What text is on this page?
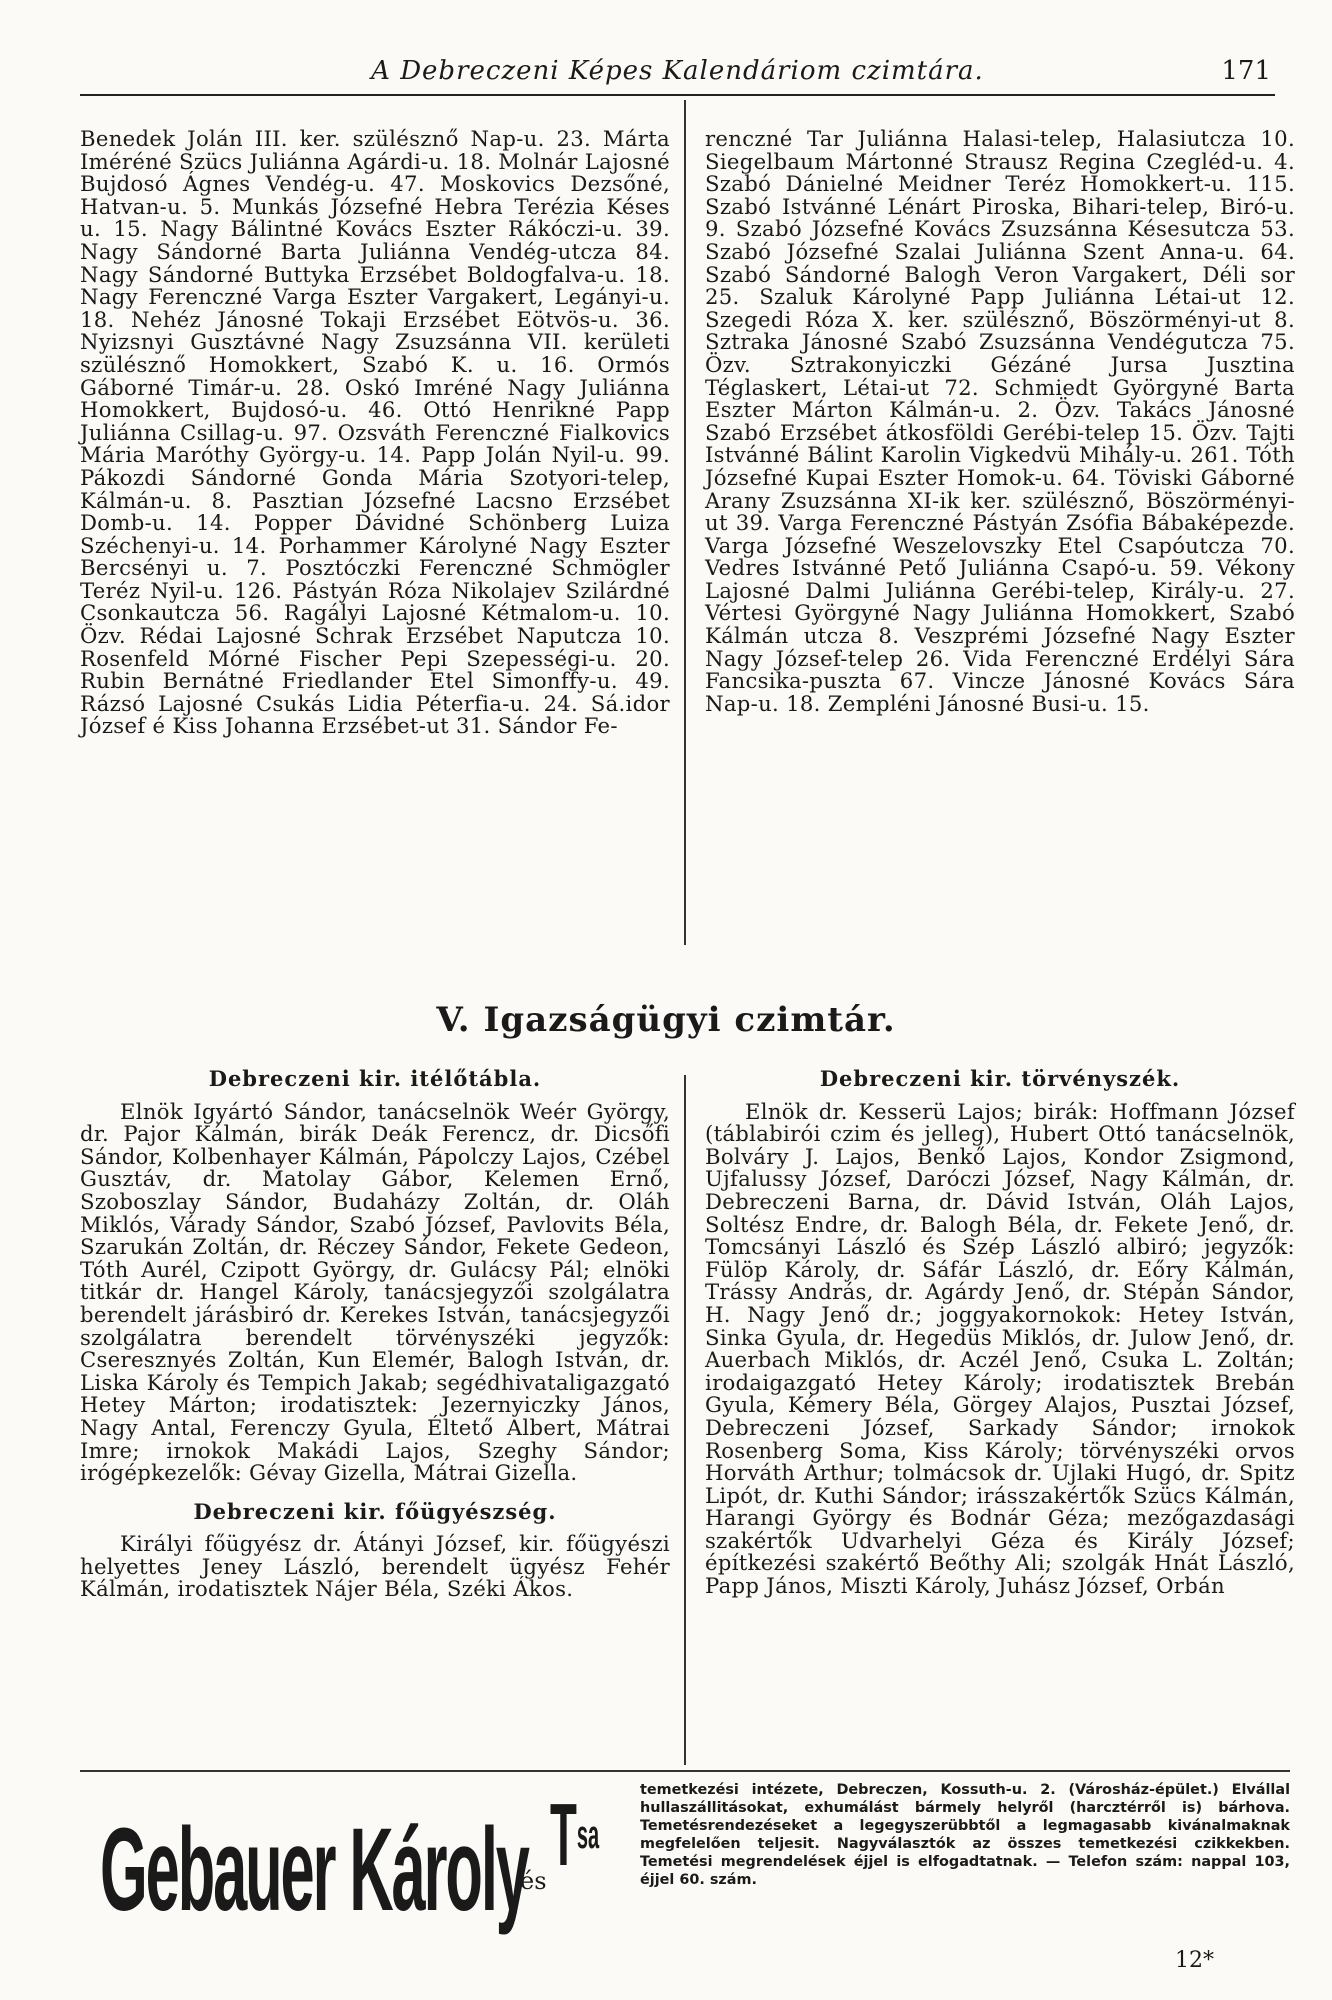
A Debreczeni Képes Kalendáriom czimtára.	171

Benedek Jolán III. ker. szülésznő Nap-u. 23. Márta Iméréné Szücs Juliánna Agárdi-u. 18. Molnár Lajosné Bujdosó Ágnes Vendég-u. 47. Moskovics Dezsőné, Hatvan-u. 5. Munkás Józsefné Hebra Terézia Késes u. 15. Nagy Bálintné Kovács Eszter Rákóczi-u. 39. Nagy Sándorné Barta Juliánna Vendég-utcza 84. Nagy Sándorné Buttyka Erzsébet Boldogfalva-u. 18. Nagy Ferenczné Varga Eszter Vargakert, Legányi-u. 18. Nehéz Jánosné Tokaji Erzsébet Eötvös-u. 36. Nyizsnyi Gusztávné Nagy Zsuzsánna VII. kerületi szülésznő Homokkert, Szabó K. u. 16. Ormós Gáborné Timár-u. 28. Oskó Imréné Nagy Juliánna Homokkert, Bujdosó-u. 46. Ottó Henrikné Papp Juliánna Csillag-u. 97. Ozsváth Ferenczné Fialkovics Mária Maróthy György-u. 14. Papp Jolán Nyil-u. 99. Pákozdi Sándorné Gonda Mária Szotyori-telep, Kálmán-u. 8. Pasztian Józsefné Lacsno Erzsébet Domb-u. 14. Popper Dávidné Schönberg Luiza Széchenyi-u. 14. Porhammer Károlyné Nagy Eszter Bercsényi u. 7. Posztóczki Ferenczné Schmögler Teréz Nyil-u. 126. Pástyán Róza Nikolajev Szilárdné Csonkautcza 56. Ragályi Lajosné Kétmalom-u. 10. Özv. Rédai Lajosné Schrak Erzsébet Naputcza 10. Rosenfeld Mórné Fischer Pepi Szepességi-u. 20. Rubin Bernátné Friedlander Etel Simonffy-u. 49. Rázsó Lajosné Csukás Lidia Péterfia-u. 24. Sá.idor József é Kiss Johanna Erzsébet-ut 31. Sándor Fe-

renczné Tar Juliánna Halasi-telep, Halasiutcza 10. Siegelbaum Mártonné Strausz Regina Czegléd-u. 4. Szabó Dánielné Meidner Teréz Homokkert-u. 115. Szabó Istvánné Lénárt Piroska, Bihari-telep, Biró-u. 9. Szabó Józsefné Kovács Zsuzsánna Késesutcza 53. Szabó Józsefné Szalai Juliánna Szent Anna-u. 64. Szabó Sándorné Balogh Veron Vargakert, Déli sor 25. Szaluk Károlyné Papp Juliánna Létai-ut 12. Szegedi Róza X. ker. szülésznő, Böszörményi-ut 8. Sztraka Jánosné Szabó Zsuzsánna Vendégutcza 75. Özv. Sztrakonyiczki Gézáné Jursa Jusztina Téglaskert, Létai-ut 72. Schmiedt Györgyné Barta Eszter Márton Kálmán-u. 2. Özv. Takács Jánosné Szabó Erzsébet átkosföldi Gerébi-telep 15. Özv. Tajti Istvánné Bálint Karolin Vigkedvü Mihály-u. 261. Tóth Józsefné Kupai Eszter Homok-u. 64. Töviski Gáborné Arany Zsuzsánna XI-ik ker. szülésznő, Böszörményi-ut 39. Varga Ferenczné Pástyán Zsófia Bábaképezde. Varga Józsefné Weszelovszky Etel Csapóutcza 70. Vedres Istvánné Pető Juliánna Csapó-u. 59. Vékony Lajosné Dalmi Juliánna Gerébi-telep, Király-u. 27. Vértesi Györgyné Nagy Juliánna Homokkert, Szabó Kálmán utcza 8. Veszprémi Józsefné Nagy Eszter Nagy József-telep 26. Vida Ferenczné Erdélyi Sára Fancsika-puszta 67. Vincze Jánosné Kovács Sára Nap-u. 18. Zempléni Jánosné Busi-u. 15.

V. Igazságügyi czimtár.
Debreczeni kir. itélőtábla.

Elnök Igyártó Sándor, tanácselnök Weér György, dr. Pajor Kálmán, birák Deák Ferencz, dr. Dicsőfi Sándor, Kolbenhayer Kálmán, Pápolczy Lajos, Czébel Gusztáv, dr. Matolay Gábor, Kelemen Ernő, Szoboszlay Sándor, Budaházy Zoltán, dr. Oláh Miklós, Várady Sándor, Szabó József, Pavlovits Béla, Szarukán Zoltán, dr. Réczey Sándor, Fekete Gedeon, Tóth Aurél, Czipott György, dr. Gulácsy Pál; elnöki titkár dr. Hangel Károly, tanácsjegyzői szolgálatra berendelt járásbiró dr. Kerekes István, tanácsjegyzői szolgálatra berendelt törvényszéki jegyzők: Cseresznyés Zoltán, Kun Elemér, Balogh István, dr. Liska Károly és Tempich Jakab; segédhivataligazgató Hetey Márton; irodatisztek: Jezernyiczky János, Nagy Antal, Ferenczy Gyula, Éltető Albert, Mátrai Imre; irnokok Makádi Lajos, Szeghy Sándor; irógépkezelők: Gévay Gizella, Mátrai Gizella.

Debreczeni kir. főügyészség.

Királyi főügyész dr. Átányi József, kir. főügyészi helyettes Jeney László, berendelt ügyész Fehér Kálmán, irodatisztek Nájer Béla, Széki Ákos.

Debreczeni kir. törvényszék.

Elnök dr. Kesserü Lajos; birák: Hoffmann József (táblabirói czim és jelleg), Hubert Ottó tanácselnök, Bolváry J. Lajos, Benkő Lajos, Kondor Zsigmond, Ujfalussy József, Daróczi József, Nagy Kálmán, dr. Debreczeni Barna, dr. Dávid István, Oláh Lajos, Soltész Endre, dr. Balogh Béla, dr. Fekete Jenő, dr. Tomcsányi László és Szép László albiró; jegyzők: Fülöp Károly, dr. Sáfár László, dr. Eőry Kálmán, Trássy András, dr. Agárdy Jenő, dr. Stépán Sándor, H. Nagy Jenő dr.; joggyakornokok: Hetey István, Sinka Gyula, dr. Hegedüs Miklós, dr. Julow Jenő, dr. Auerbach Miklós, dr. Aczél Jenő, Csuka L. Zoltán; irodaigazgató Hetey Károly; irodatisztek Brebán Gyula, Kémery Béla, Görgey Alajos, Pusztai József, Debreczeni József, Sarkady Sándor; irnokok Rosenberg Soma, Kiss Károly; törvényszéki orvos Horváth Arthur; tolmácsok dr. Ujlaki Hugó, dr. Spitz Lipót, dr. Kuthi Sándor; irásszakértők Szücs Kálmán, Harangi György és Bodnár Géza; mezőgazdasági szakértők Udvarhelyi Géza és Király József; építkezési szakértő Beőthy Ali; szolgák Hnát László, Papp János, Miszti Károly, Juhász József, Orbán

Gebauer Károly
és $T^{sa}$
temetkezési intézete, Debreczen, Kossuth-u. 2. (Városház-épület.) Elvállal hullaszállitásokat, exhumálást bármely helyről (harcztérről is) bárhova. Temetésrendezéseket a legegyszerübbtől a legmagasabb kivánalmaknak megfelelően teljesit. Nagyválasztók az összes temetkezési czikkekben. Temetési megrendelések éjjel is elfogadtatnak. — Telefon szám: nappal 103, éjjel 60. szám.
12*
